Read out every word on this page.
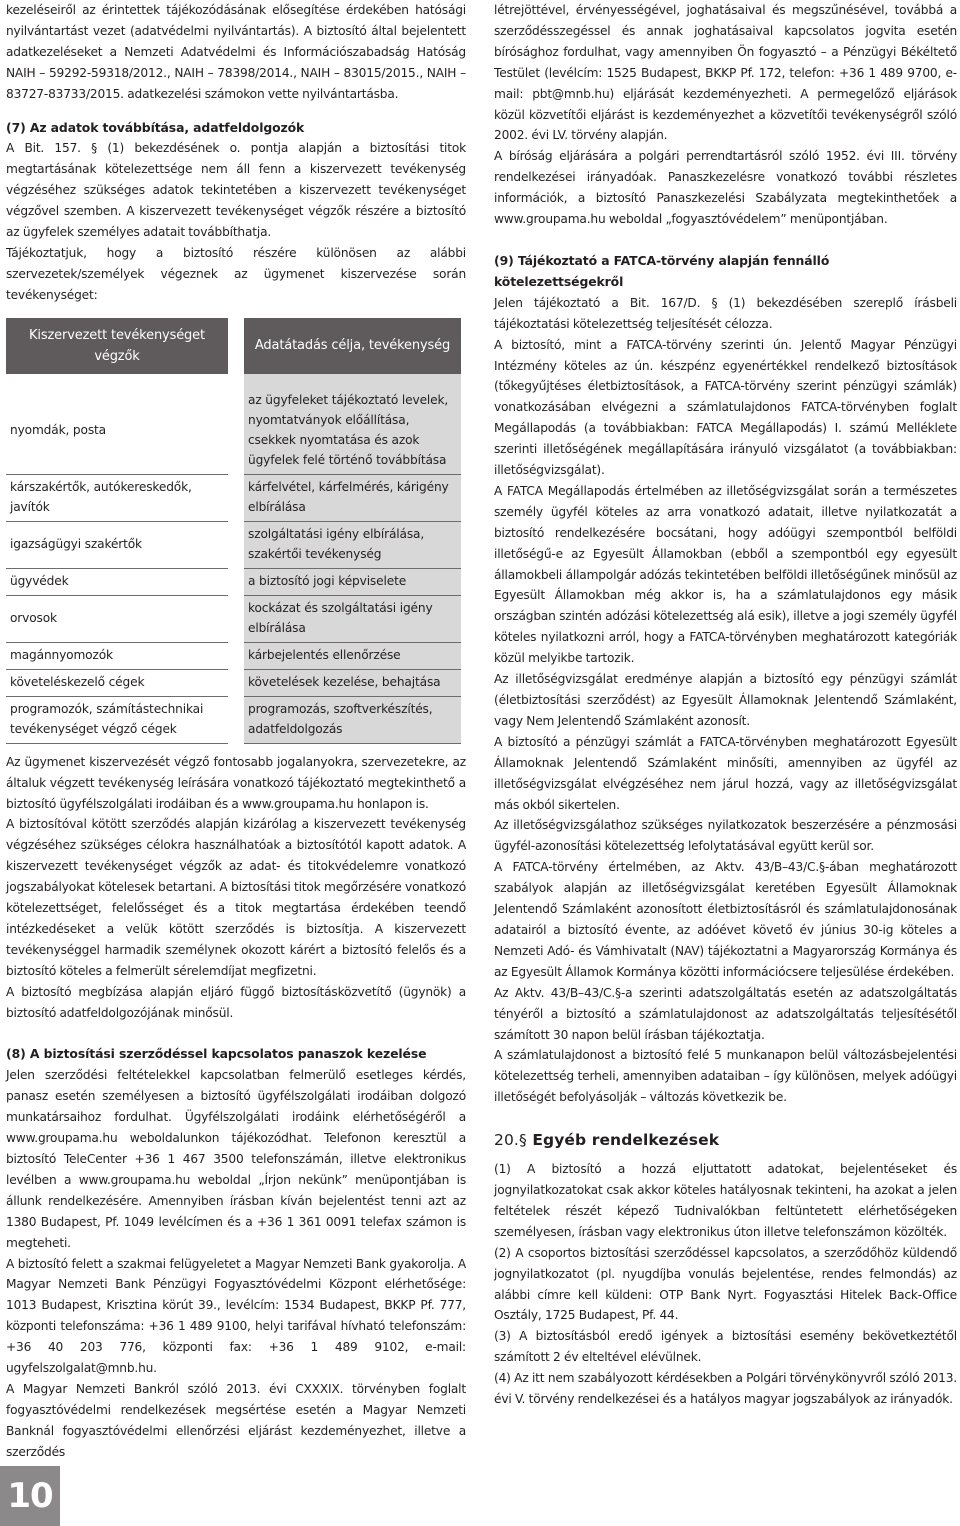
kezeléseiről az érintettek tájékozódásának elősegítése érdekében hatósági nyilvántartást vezet (adatvédelmi nyilvántartás). A biztosító által bejelentett adatkezeléseket a Nemzeti Adatvédelmi és Információszabadság Hatóság NAIH – 59292-59318/2012., NAIH – 78398/2014., NAIH – 83015/2015., NAIH – 83727-83733/2015. adatkezelési számokon vette nyilvántartásba.

(7) Az adatok továbbítása, adatfeldolgozók

A Bit. 157. § (1) bekezdésének o. pontja alapján a biztosítási titok megtartásának kötelezettsége nem áll fenn a kiszervezett tevékenység végzéséhez szükséges adatok tekintetében a kiszervezett tevékenységet végzővel szemben. A kiszervezett tevékenységet végzők részére a biztosító az ügyfelek személyes adatait továbbíthatja.

Tájékoztatjuk, hogy a biztosító részére különösen az alábbi szervezetek/személyek végeznek az ügymenet kiszervezése során tevékenységet:

Kiszervezett tevékenységet végzők	Adatátadás célja, tevékenység
nyomdák, posta	az ügyfeleket tájékoztató levelek, nyomtatványok előállítása, csekkek nyomtatása és azok ügyfelek felé történő továbbítása
kárszakértők, autókereskedők, javítók	kárfelvétel, kárfelmérés, kárigény elbírálása
igazságügyi szakértők	szolgáltatási igény elbírálása, szakértői tevékenység
ügyvédek	a biztosító jogi képviselete
orvosok	kockázat és szolgáltatási igény elbírálása
magánnyomozók	kárbejelentés ellenőrzése
követeléskezelő cégek	követelések kezelése, behajtása
programozók, számítástechnikai tevékenységet végző cégek	programozás, szoftverkészítés, adatfeldolgozás

Az ügymenet kiszervezését végző fontosabb jogalanyokra, szervezetekre, az általuk végzett tevékenység leírására vonatkozó tájékoztató megtekinthető a biztosító ügyfélszolgálati irodáiban és a www.groupama.hu honlapon is.

A biztosítóval kötött szerződés alapján kizárólag a kiszervezett tevékenység végzéséhez szükséges célokra használhatóak a biztosítótól kapott adatok. A kiszervezett tevékenységet végzők az adat- és titokvédelemre vonatkozó jogszabályokat kötelesek betartani. A biztosítási titok megőrzésére vonatkozó kötelezettséget, felelősséget és a titok megtartása érdekében teendő intézkedéseket a velük kötött szerződés is biztosítja. A kiszervezett tevékenységgel harmadik személynek okozott kárért a biztosító felelős és a biztosító köteles a felmerült sérelemdíjat megfizetni.

A biztosító megbízása alapján eljáró függő biztosításközvetítő (ügynök) a biztosító adatfeldolgozójának minősül.

(8) A biztosítási szerződéssel kapcsolatos panaszok kezelése

Jelen szerződési feltételekkel kapcsolatban felmerülő esetleges kérdés, panasz esetén személyesen a biztosító ügyfélszolgálati irodáiban dolgozó munkatársaihoz fordulhat. Ügyfélszolgálati irodáink elérhetőségéről a www.groupama.hu weboldalunkon tájékozódhat. Telefonon keresztül a biztosító TeleCenter +36 1 467 3500 telefonszámán, illetve elektronikus levélben a www.groupama.hu weboldal „Írjon nekünk” menüpontjában is állunk rendelkezésére. Amennyiben írásban kíván bejelentést tenni azt az 1380 Budapest, Pf. 1049 levélcímen és a +36 1 361 0091 telefax számon is megteheti.

A biztosító felett a szakmai felügyeletet a Magyar Nemzeti Bank gyakorolja. A Magyar Nemzeti Bank Pénzügyi Fogyasztóvédelmi Központ elérhetősége: 1013 Budapest, Krisztina körút 39., levélcím: 1534 Budapest, BKKP Pf. 777, központi telefonszáma: +36 1 489 9100, helyi tarifával hívható telefonszám: +36 40 203 776, központi fax: +36 1 489 9102, e-mail: ugyfelszolgalat@mnb.hu.

A Magyar Nemzeti Bankról szóló 2013. évi CXXXIX. törvényben foglalt fogyasztóvédelmi rendelkezések megsértése esetén a Magyar Nemzeti Banknál fogyasztóvédelmi ellenőrzési eljárást kezdeményezhet, illetve a szerződés

létrejöttével, érvényességével, joghatásaival és megszűnésével, továbbá a szerződésszegéssel és annak joghatásaival kapcsolatos jogvita esetén bírósághoz fordulhat, vagy amennyiben Ön fogyasztó – a Pénzügyi Békéltető Testület (levélcím: 1525 Budapest, BKKP Pf. 172, telefon: +36 1 489 9700, e-mail: pbt@mnb.hu) eljárását kezdeményezheti. A permegelőző eljárások közül közvetítői eljárást is kezdeményezhet a közvetítői tevékenységről szóló 2002. évi LV. törvény alapján.

A bíróság eljárására a polgári perrendtartásról szóló 1952. évi III. törvény rendelkezései irányadóak. Panaszkezelésre vonatkozó további részletes információk, a biztosító Panaszkezelési Szabályzata megtekinthetőek a www.groupama.hu weboldal „fogyasztóvédelem” menüpontjában.

(9) Tájékoztató a FATCA-törvény alapján fennálló kötelezettségekről

Jelen tájékoztató a Bit. 167/D. § (1) bekezdésében szereplő írásbeli tájékoztatási kötelezettség teljesítését célozza.

A biztosító, mint a FATCA-törvény szerinti ún. Jelentő Magyar Pénzügyi Intézmény köteles az ún. készpénz egyenértékkel rendelkező biztosítások (tőkegyűjtéses életbiztosítások, a FATCA-törvény szerint pénzügyi számlák) vonatkozásában elvégezni a számlatulajdonos FATCA-törvényben foglalt Megállapodás (a továbbiakban: FATCA Megállapodás) I. számú Melléklete szerinti illetőségének megállapítására irányuló vizsgálatot (a továbbiakban: illetőségvizsgálat).

A FATCA Megállapodás értelmében az illetőségvizsgálat során a természetes személy ügyfél köteles az arra vonatkozó adatait, illetve nyilatkozatát a biztosító rendelkezésére bocsátani, hogy adóügyi szempontból belföldi illetőségű-e az Egyesült Államokban (ebből a szempontból egy egyesült államokbeli állampolgár adózás tekintetében belföldi illetőségűnek minősül az Egyesült Államokban még akkor is, ha a számlatulajdonos egy másik országban szintén adózási kötelezettség alá esik), illetve a jogi személy ügyfél köteles nyilatkozni arról, hogy a FATCA-törvényben meghatározott kategóriák közül melyikbe tartozik.

Az illetőségvizsgálat eredménye alapján a biztosító egy pénzügyi számlát (életbiztosítási szerződést) az Egyesült Államoknak Jelentendő Számlaként, vagy Nem Jelentendő Számlaként azonosít.

A biztosító a pénzügyi számlát a FATCA-törvényben meghatározott Egyesült Államoknak Jelentendő Számlaként minősíti, amennyiben az ügyfél az illetőségvizsgálat elvégzéséhez nem járul hozzá, vagy az illetőségvizsgálat más okból sikertelen.

Az illetőségvizsgálathoz szükséges nyilatkozatok beszerzésére a pénzmosási ügyfél-azonosítási kötelezettség lefolytatásával együtt kerül sor.

A FATCA-törvény értelmében, az Aktv. 43/B–43/C.§-ában meghatározott szabályok alapján az illetőségvizsgálat keretében Egyesült Államoknak Jelentendő Számlaként azonosított életbiztosításról és számlatulajdonosának adatairól a biztosító évente, az adóévet követő év június 30-ig köteles a Nemzeti Adó- és Vámhivatalt (NAV) tájékoztatni a Magyarország Kormánya és az Egyesült Államok Kormánya közötti információcsere teljesülése érdekében.

Az Aktv. 43/B–43/C.§-a szerinti adatszolgáltatás esetén az adatszolgáltatás tényéről a biztosító a számlatulajdonost az adatszolgáltatás teljesítésétől számított 30 napon belül írásban tájékoztatja.

A számlatulajdonost a biztosító felé 5 munkanapon belül változásbejelentési kötelezettség terheli, amennyiben adataiban – így különösen, melyek adóügyi illetőségét befolyásolják – változás következik be.

20.§ Egyéb rendelkezések

(1) A biztosító a hozzá eljuttatott adatokat, bejelentéseket és jognyilatkozatokat csak akkor köteles hatályosnak tekinteni, ha azokat a jelen feltételek részét képező Tudnivalókban feltüntetett elérhetőségeken személyesen, írásban vagy elektronikus úton illetve telefonszámon közölték.

(2) A csoportos biztosítási szerződéssel kapcsolatos, a szerződőhöz küldendő jognyilatkozatot (pl. nyugdíjba vonulás bejelentése, rendes felmondás) az alábbi címre kell küldeni: OTP Bank Nyrt. Fogyasztási Hitelek Back-Office Osztály, 1725 Budapest, Pf. 44.

(3) A biztosításból eredő igények a biztosítási esemény bekövetkeztétől számított 2 év elteltével elévülnek.

(4) Az itt nem szabályozott kérdésekben a Polgári törvénykönyvről szóló 2013. évi V. törvény rendelkezései és a hatályos magyar jogszabályok az irányadók.

10
